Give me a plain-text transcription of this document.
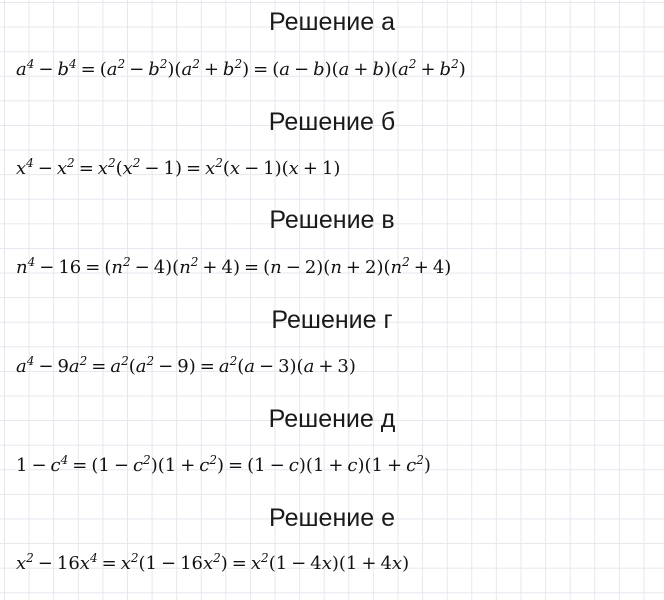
Решение а
$a^4 - b^4 = (a^2 - b^2)(a^2 + b^2) = (a - b)(a + b)(a^2 + b^2)$
Решение б
$x^4 - x^2 = x^2(x^2 - 1) = x^2(x - 1)(x + 1)$
Решение в
$n^4 - 16 = (n^2 - 4)(n^2 + 4) = (n - 2)(n + 2)(n^2 + 4)$
Решение г
$a^4 - 9a^2 = a^2(a^2 - 9) = a^2(a - 3)(a + 3)$
Решение д
$1 - c^4 = (1 - c^2)(1 + c^2) = (1 - c)(1 + c)(1 + c^2)$
Решение е
$x^2 - 16x^4 = x^2(1 - 16x^2) = x^2(1 - 4x)(1 + 4x)$
